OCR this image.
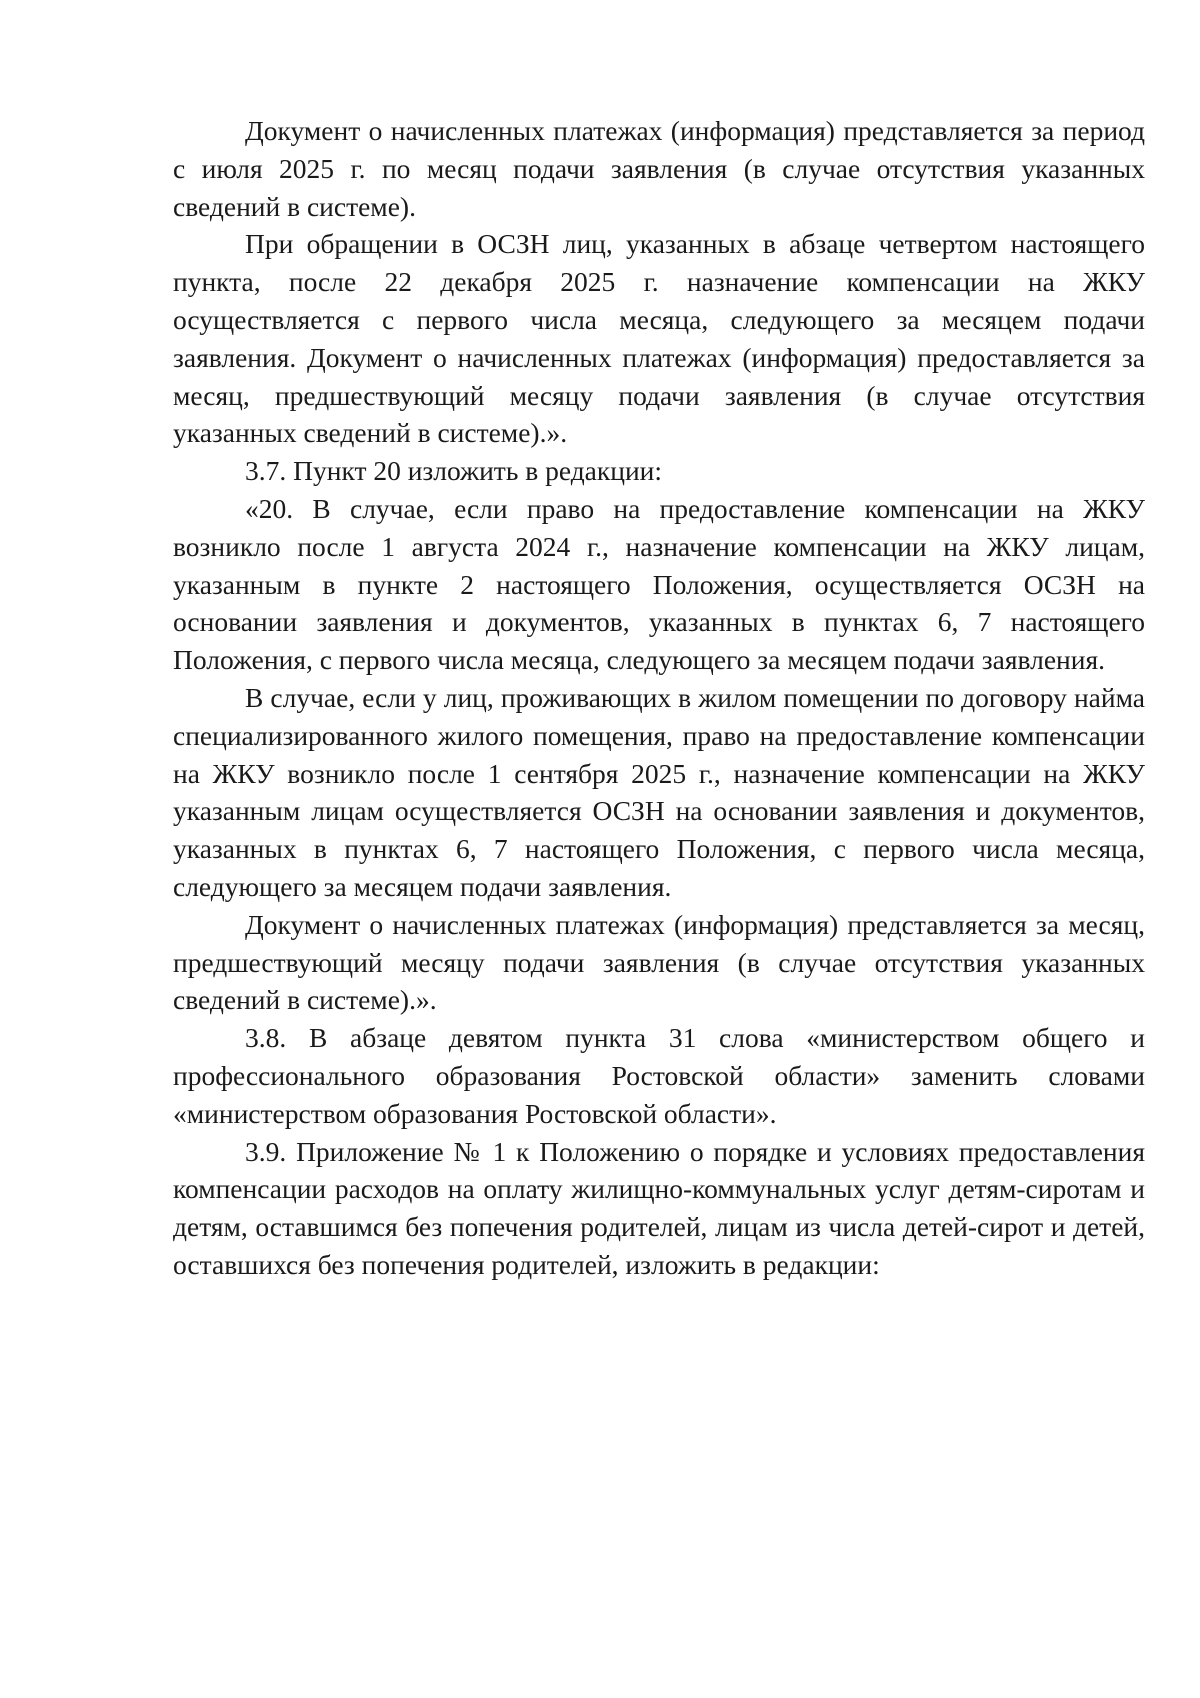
Документ о начисленных платежах (информация) представляется за период с июля 2025 г. по месяц подачи заявления (в случае отсутствия указанных сведений в системе).

При обращении в ОСЗН лиц, указанных в абзаце четвертом настоящего пункта, после 22 декабря 2025 г. назначение компенсации на ЖКУ осуществляется с первого числа месяца, следующего за месяцем подачи заявления. Документ о начисленных платежах (информация) предоставляется за месяц, предшествующий месяцу подачи заявления (в случае отсутствия указанных сведений в системе).».

3.7. Пункт 20 изложить в редакции:

«20. В случае, если право на предоставление компенсации на ЖКУ возникло после 1 августа 2024 г., назначение компенсации на ЖКУ лицам, указанным в пункте 2 настоящего Положения, осуществляется ОСЗН на основании заявления и документов, указанных в пунктах 6, 7 настоящего Положения, с первого числа месяца, следующего за месяцем подачи заявления.

В случае, если у лиц, проживающих в жилом помещении по договору найма специализированного жилого помещения, право на предоставление компенсации на ЖКУ возникло после 1 сентября 2025 г., назначение компенсации на ЖКУ указанным лицам осуществляется ОСЗН на основании заявления и документов, указанных в пунктах 6, 7 настоящего Положения, с первого числа месяца, следующего за месяцем подачи заявления.

Документ о начисленных платежах (информация) представляется за месяц, предшествующий месяцу подачи заявления (в случае отсутствия указанных сведений в системе).».

3.8. В абзаце девятом пункта 31 слова «министерством общего и профессионального образования Ростовской области» заменить словами «министерством образования Ростовской области».

3.9. Приложение № 1 к Положению о порядке и условиях предоставления компенсации расходов на оплату жилищно-коммунальных услуг детям-сиротам и детям, оставшимся без попечения родителей, лицам из числа детей-сирот и детей, оставшихся без попечения родителей, изложить в редакции:
